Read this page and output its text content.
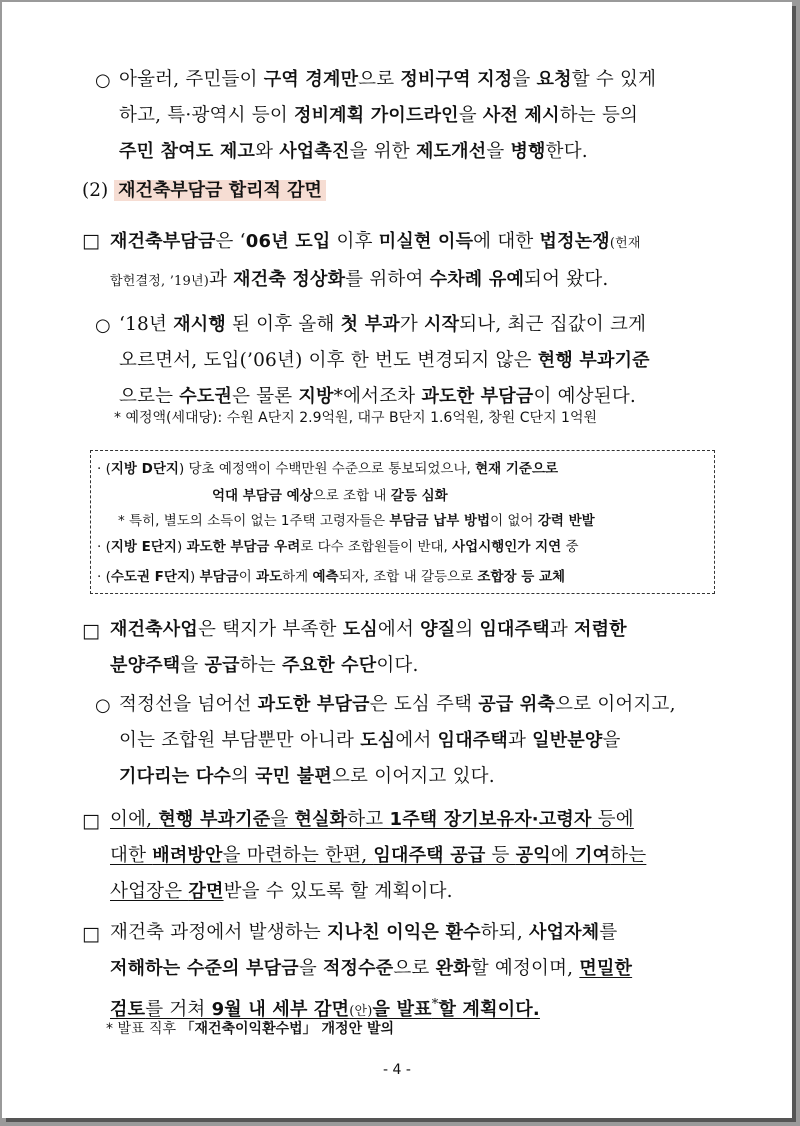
○ 아울러, 주민들이 구역 경계만으로 정비구역 지정을 요청할 수 있게
하고, 특·광역시 등이 정비계획 가이드라인을 사전 제시하는 등의
주민 참여도 제고와 사업촉진을 위한 제도개선을 병행한다.
(2) 재건축부담금 합리적 감면
□ 재건축부담금은 ‘06년 도입 이후 미실현 이득에 대한 법정논쟁(헌재
합헌결정, ’19년)과 재건축 정상화를 위하여 수차례 유예되어 왔다.
○ ‘18년 재시행 된 이후 올해 첫 부과가 시작되나, 최근 집값이 크게
오르면서, 도입(’06년) 이후 한 번도 변경되지 않은 현행 부과기준
으로는 수도권은 물론 지방*에서조차 과도한 부담금이 예상된다.
* 예정액(세대당): 수원 A단지 2.9억원, 대구 B단지 1.6억원, 창원 C단지 1억원
· (지방 D단지) 당초 예정액이 수백만원 수준으로 통보되었으나, 현재 기준으로
억대 부담금 예상으로 조합 내 갈등 심화
* 특히, 별도의 소득이 없는 1주택 고령자들은 부담금 납부 방법이 없어 강력 반발
· (지방 E단지) 과도한 부담금 우려로 다수 조합원들이 반대, 사업시행인가 지연 중
· (수도권 F단지) 부담금이 과도하게 예측되자, 조합 내 갈등으로 조합장 등 교체
□ 재건축사업은 택지가 부족한 도심에서 양질의 임대주택과 저렴한
분양주택을 공급하는 주요한 수단이다.
○ 적정선을 넘어선 과도한 부담금은 도심 주택 공급 위축으로 이어지고,
이는 조합원 부담뿐만 아니라 도심에서 임대주택과 일반분양을
기다리는 다수의 국민 불편으로 이어지고 있다.
□ 이에, 현행 부과기준을 현실화하고 1주택 장기보유자·고령자 등에
대한 배려방안을 마련하는 한편, 임대주택 공급 등 공익에 기여하는
사업장은 감면받을 수 있도록 할 계획이다.
□ 재건축 과정에서 발생하는 지나친 이익은 환수하되, 사업자체를
저해하는 수준의 부담금을 적정수준으로 완화할 예정이며, 면밀한
검토를 거쳐 9월 내 세부 감면(안)을 발표*할 계획이다.
* 발표 직후 「재건축이익환수법」 개정안 발의
- 4 -
